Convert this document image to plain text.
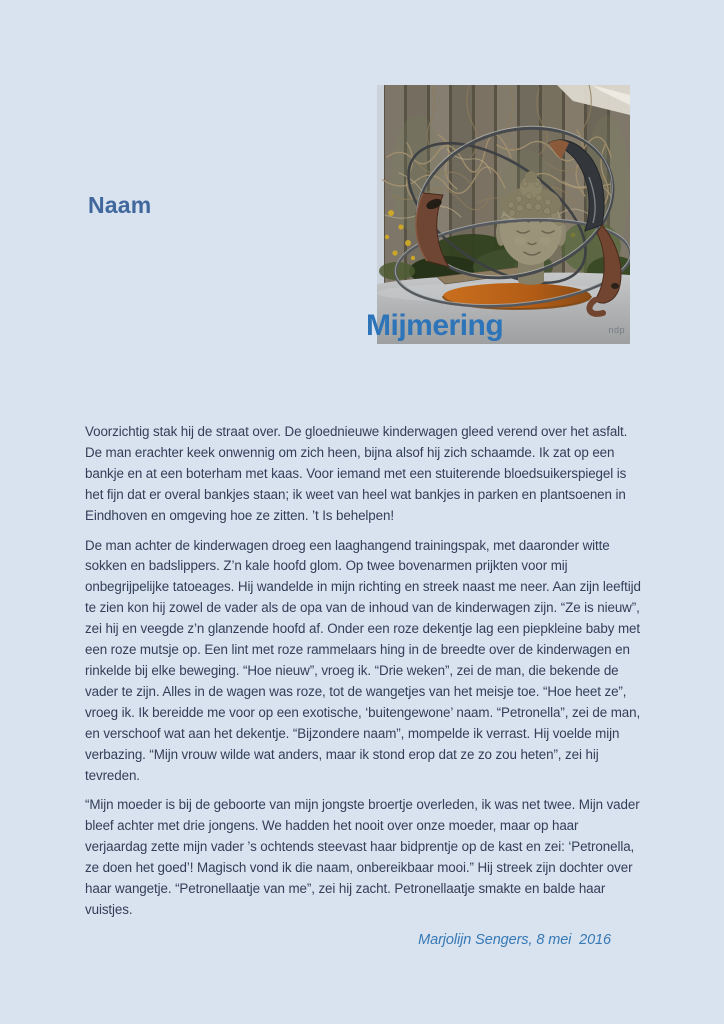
Naam
ndp
Mijmering

Voorzichtig stak hij de straat over. De gloednieuwe kinderwagen gleed verend over het asfalt. De man erachter keek onwennig om zich heen, bijna alsof hij zich schaamde. Ik zat op een bankje en at een boterham met kaas. Voor iemand met een stuiterende bloedsuikerspiegel is het fijn dat er overal bankjes staan; ik weet van heel wat bankjes in parken en plantsoenen in Eindhoven en omgeving hoe ze zitten. ’t Is behelpen!

De man achter de kinderwagen droeg een laaghangend trainingspak, met daaronder witte sokken en badslippers. Z’n kale hoofd glom. Op twee bovenarmen prijkten voor mij onbegrijpelijke tatoeages. Hij wandelde in mijn richting en streek naast me neer. Aan zijn leeftijd te zien kon hij zowel de vader als de opa van de inhoud van de kinderwagen zijn. “Ze is nieuw”, zei hij en veegde z’n glanzende hoofd af. Onder een roze dekentje lag een piepkleine baby met een roze mutsje op. Een lint met roze rammelaars hing in de breedte over de kinderwagen en rinkelde bij elke beweging. “Hoe nieuw”, vroeg ik. “Drie weken”, zei de man, die bekende de vader te zijn. Alles in de wagen was roze, tot de wangetjes van het meisje toe. “Hoe heet ze”, vroeg ik. Ik bereidde me voor op een exotische, ‘buitengewone’ naam. “Petronella”, zei de man, en verschoof wat aan het dekentje. “Bijzondere naam”, mompelde ik verrast. Hij voelde mijn verbazing. “Mijn vrouw wilde wat anders, maar ik stond erop dat ze zo zou heten”, zei hij tevreden.

“Mijn moeder is bij de geboorte van mijn jongste broertje overleden, ik was net twee. Mijn vader bleef achter met drie jongens. We hadden het nooit over onze moeder, maar op haar verjaardag zette mijn vader ’s ochtends steevast haar bidprentje op de kast en zei: ‘Petronella, ze doen het goed’! Magisch vond ik die naam, onbereikbaar mooi.” Hij streek zijn dochter over haar wangetje. “Petronellaatje van me”, zei hij zacht. Petronellaatje smakte en balde haar vuistjes.

Marjolijn Sengers, 8 mei  2016
